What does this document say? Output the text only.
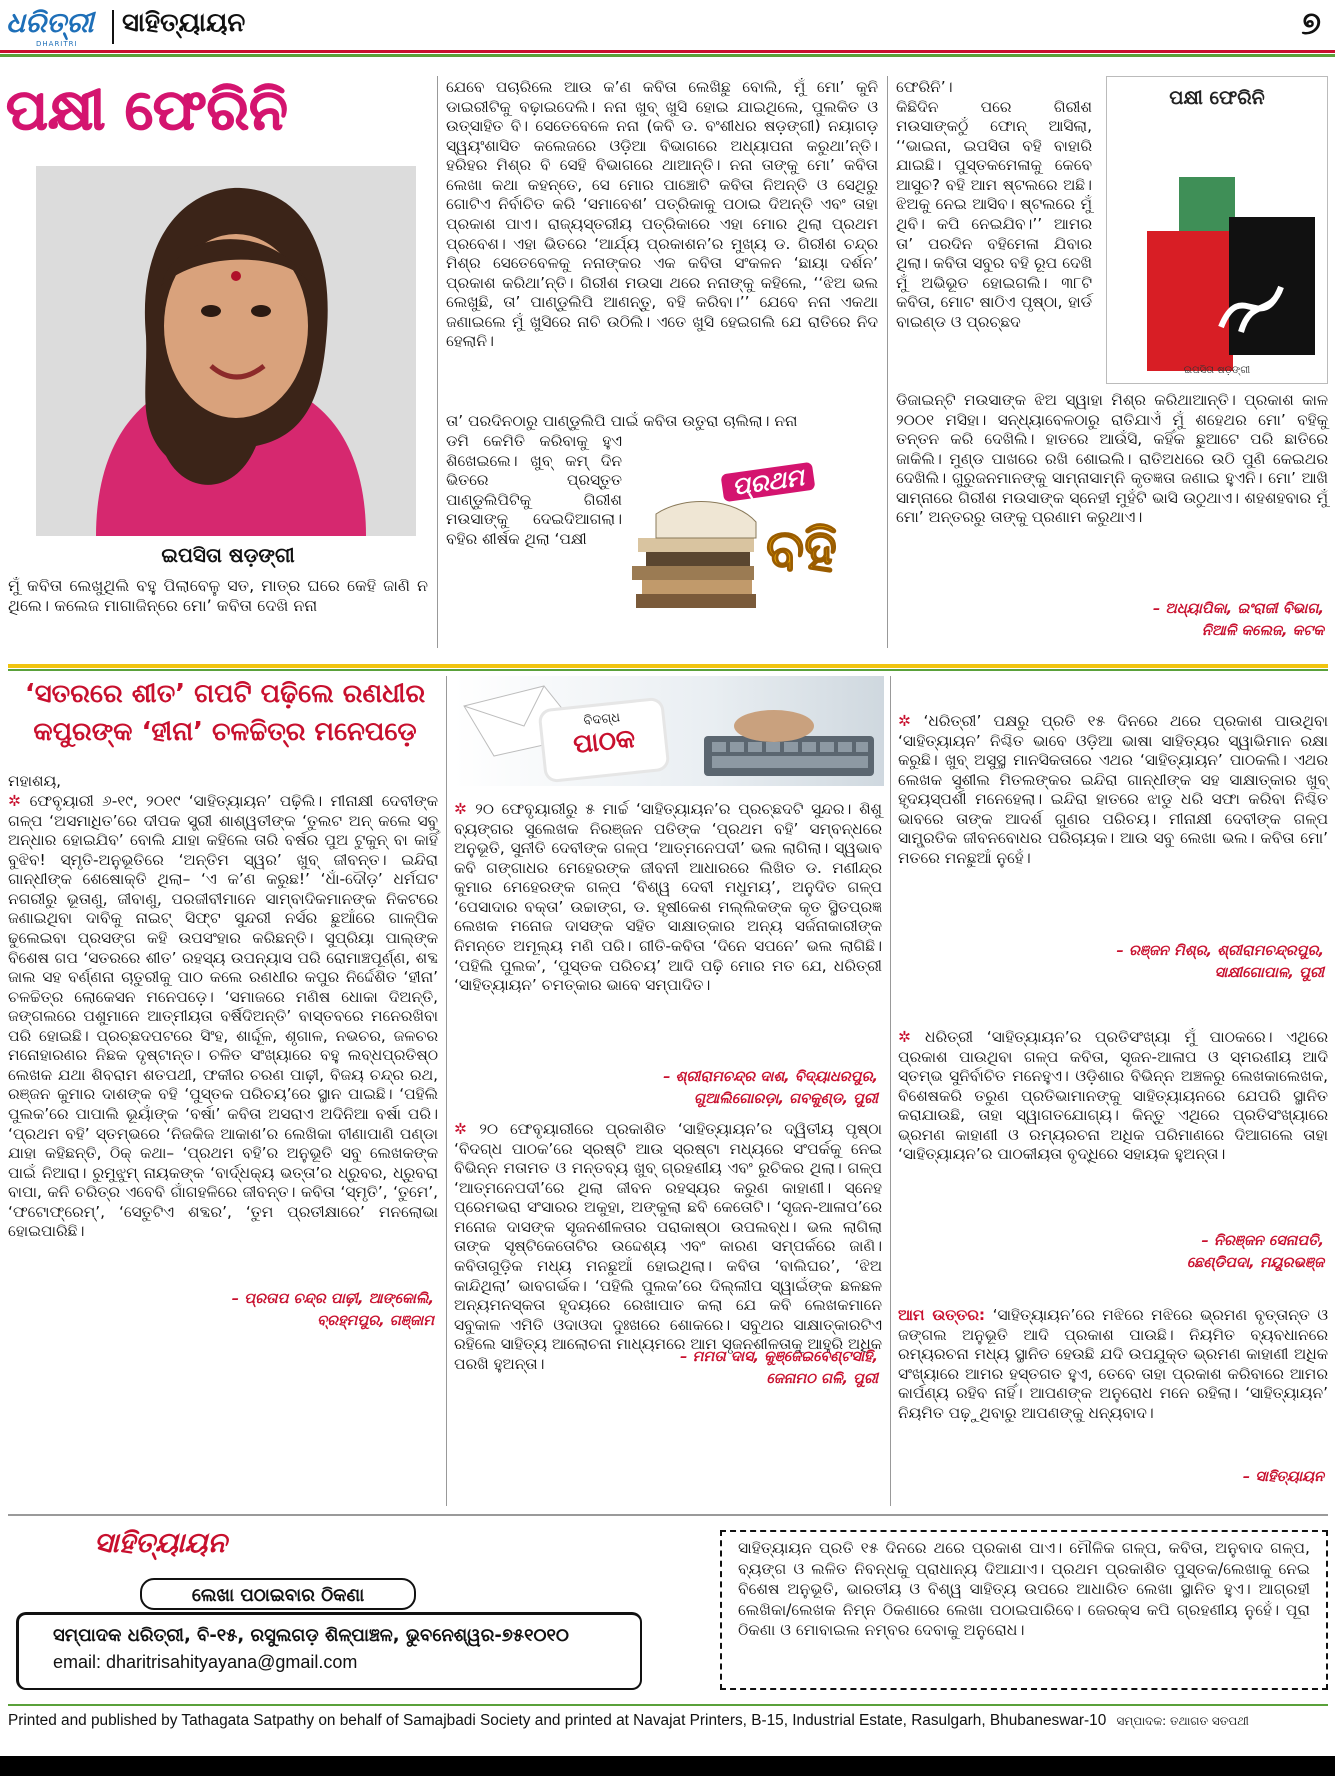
ଧରିତ୍ରୀ
DHARITRI
ସାହିତ୍ୟାୟନ	୭
ପକ୍ଷୀ ଫେରିନି
ଇପସିତା ଷଡ଼ଙ୍ଗୀ
ମୁଁ କବିତା ଲେଖୁଥିଲି ବହୁ ପିଲାବେଳୁ ସତ, ମାତ୍ର ଘରେ କେହି ଜାଣି ନ ଥିଲେ। କଲେଜ ମାଗାଜିନ୍‌ରେ ମୋ’ କବିତା ଦେଖି ନନା
ଯେବେ ପଚାରିଲେ ଆଉ କ’ଣ କବିତା ଲେଖିଛୁ ବୋଲି, ମୁଁ ମୋ’ କୁନି ଡାଇରୀଟିକୁ ବଢ଼ାଇଦେଲି। ନନା ଖୁବ୍ ଖୁସି ହୋଇ ଯାଇଥିଲେ, ପୁଲକିତ ଓ ଉତ୍ସାହିତ ବି। ସେତେବେଳେ ନନା (କବି ଡ. ବଂଶୀଧର ଷଡ଼ଙ୍ଗୀ) ନୟାଗଡ଼ ସ୍ୱୟଂଶାସିତ କଲେଜରେ ଓଡ଼ିଆ ବିଭାଗରେ ଅଧ୍ୟାପନା କରୁଥା’ନ୍ତି। ହରିହର ମିଶ୍ର ବି ସେହି ବିଭାଗରେ ଥାଆନ୍ତି। ନନା ତାଙ୍କୁ ମୋ’ କବିତା ଲେଖା କଥା କହନ୍ତେ, ସେ ମୋର ପାଞ୍ଚୋଟି କବିତା ନିଅନ୍ତି ଓ ସେଥିରୁ ଗୋଟିଏ ନିର୍ବାଚିତ କରି ‘ସମାବେଶ’ ପତ୍ରିକାକୁ ପଠାଇ ଦିଅନ୍ତି ଏବଂ ତାହା ପ୍ରକାଶ ପାଏ। ରାଜ୍ୟସ୍ତରୀୟ ପତ୍ରିକାରେ ଏହା ମୋର ଥିଲା ପ୍ରଥମ ପ୍ରବେଶ। ଏହା ଭିତରେ ‘ଆର୍ଯ୍ୟ ପ୍ରକାଶନ’ର ମୁଖ୍ୟ ଡ. ଗିରୀଶ ଚନ୍ଦ୍ର ମିଶ୍ର ସେତେବେଳକୁ ନନାଙ୍କର ଏକ କବିତା ସଂକଳନ ‘ଛାୟା ଦର୍ଶନ’ ପ୍ରକାଶ କରିଥା’ନ୍ତି। ଗିରୀଶ ମଉସା ଥରେ ନନାଙ୍କୁ କହିଲେ, ‘‘ଝିଅ ଭଲ ଲେଖୁଛି, ତା’ ପାଣ୍ଡୁଲିପି ଆଣନ୍ତୁ, ବହି କରିବା।’’ ଯେବେ ନନା ଏକଥା ଜଣାଇଲେ ମୁଁ ଖୁସିରେ ନାଚି ଉଠିଲି। ଏତେ ଖୁସି ହେଇଗଲି ଯେ ରାତିରେ ନିଦ ହେଲାନି।
ତା’ ପରଦିନଠାରୁ ପାଣ୍ଡୁଲିପି ପାଇଁ କବିତା ଉତୁରା ଚାଲିଲା। ନନା
ଡମି କେମିତି କରିବାକୁ ହୁଏ ଶିଖେଇଲେ। ଖୁବ୍ କମ୍ ଦିନ ଭିତରେ ପ୍ରସ୍ତୁତ ପାଣ୍ଡୁଲିପିଟିକୁ ଗିରୀଶ ମଉସାଙ୍କୁ ଦେଇଦିଆଗଲା। ବହିର ଶୀର୍ଷକ ଥିଲା ‘ପକ୍ଷୀ
ପ୍ରଥମ
ବହି
ଫେରିନି’।
କିଛିଦିନ ପରେ ଗିରୀଶ ମଉସାଙ୍କଠୁଁ ଫୋନ୍ ଆସିଲା, ‘‘ଭାଇନା, ଇପସିତା ବହି ବାହାରି ଯାଇଛି। ପୁସ୍ତକମେଳାକୁ କେବେ ଆସୁଚ? ବହି ଆମ ଷ୍ଟଲରେ ଅଛି। ଝିଅକୁ ନେଇ ଆସିବ। ଷ୍ଟଲରେ ମୁଁ ଥିବି। କପି ନେଇଯିବ।’’ ଆମର ତା’ ପରଦିନ ବହିମେଳା ଯିବାର ଥିଲା। କବିତା ସବୁର ବହି ରୂପ ଦେଖି ମୁଁ ଅଭିଭୂତ ହୋଇଗଲି। ୩୮ଟି କବିତା, ମୋଟ ଷାଠିଏ ପୃଷ୍ଠା, ହାର୍ଡ ବାଇଣ୍ଡ ଓ ପ୍ରଚ୍ଛଦ
ପକ୍ଷୀ ଫେରିନି
ଇପସିତା ଷଡ଼ଙ୍ଗୀ
ଡିଜାଇନ୍‌ଟି ମଉସାଙ୍କ ଝିଅ ସ୍ୱାହା ମିଶ୍ର କରିଥାଆନ୍ତି। ପ୍ରକାଶ କାଳ ୨୦୦୧ ମସିହା। ସନ୍ଧ୍ୟାବେଳଠାରୁ ରାତିଯାଏଁ ମୁଁ ଶହେଥର ମୋ’ ବହିକୁ ତନ୍ତନ କରି ଦେଖିଲି। ହାତରେ ଆଉଁସି, କହିଁକ ଛୁଆଟେ ପରି ଛାତିରେ ଜାକିଲି। ମୁଣ୍ଡ ପାଖରେ ରଖି ଶୋଇଲି। ରାତିଅଧରେ ଉଠି ପୁଣି କେଇଥର ଦେଖିଲି। ଗୁରୁଜନମାନଙ୍କୁ ସାମ୍ନାସାମ୍ନି କୃତଜ୍ଞତା ଜଣାଇ ହୁଏନି। ମୋ’ ଆଖି ସାମ୍ନାରେ ଗିରୀଶ ମଉସାଙ୍କ ସ୍ନେହୀ ମୁହଁଟି ଭାସି ଉଠୁଥାଏ। ଶହଶହବାର ମୁଁ ମୋ’ ଅନ୍ତରରୁ ତାଙ୍କୁ ପ୍ରଣାମ କରୁଥାଏ।
– ଅଧ୍ୟାପିକା, ଇଂରାଜୀ ବିଭାଗ,
ନିଆଳି କଲେଜ, କଟକ
‘ସତରରେ ଶୀତ’ ଗପଟି ପଢ଼ିଲେ ରଣଧୀର
କପୁରଙ୍କ ‘ହୀନା’ ଚଳଚ୍ଚିତ୍ର ମନେପଡ଼େ	ବିଦଗ୍ଧ
ପାଠକ
ମହାଶୟ,
✲ ଫେବୃୟାରୀ ୬-୧୯, ୨୦୧୯ ‘ସାହିତ୍ୟାୟନ’ ପଢ଼ିଲି। ମୀନାକ୍ଷୀ ଦେବୀଙ୍କ ଗଳ୍ପ ‘ଅସମାଧିତ’ରେ ଦୀପକ ସ୍ତ୍ରୀ ଶାଶ୍ୱତୀଙ୍କ ‘ତୁଲଟ ଅନ୍ କଲେ ସବୁ ଅନ୍ଧାର ହୋଇଯିବ’ ବୋଲି ଯାହା କହିଲେ ତାରି ବର୍ଷର ପୁଅ ଟୁକୁନ୍ ବା କାହିଁ ବୁଝିବ! ସ୍ମୃତି-ଅନୁଭୂତିରେ ‘ଅନ୍ତିମ ସ୍ୱର’ ଖୁବ୍ ଜୀବନ୍ତ। ଇନ୍ଦିରା ଗାନ୍ଧୀଙ୍କ ଶେଷୋକ୍ତି ଥିଲା– ‘ଏ କ’ଣ କରୁଛ!’ ‘ଧାଁ-ଦୌଡ଼’ ଧର୍ମଘଟ ନଗରୀରୁ ଭୂତାଣୁ, ଜୀବାଣୁ, ପରଜୀବୀମାନେ ସାମ୍ବାଦିକମାନଙ୍କ ନିକଟରେ ଜଣାଇଥିବା ଦାବିକୁ ନାଇଟ୍ ସିଫ୍‌ଟ ସୁନ୍ଦରୀ ନର୍ସର ଛୁଆଁରେ ଗାଳ୍ପିକ ଢୁଲେଇବା ପ୍ରସଙ୍ଗ କହି ଉପସଂହାର କରିଛନ୍ତି। ସୁପ୍ରିୟା ପାଲ୍‌ଙ୍କ ବିଶେଷ ଗପ ‘ସତରରେ ଶୀତ’ ରହସ୍ୟ ଉପନ୍ୟାସ ପରି ରୋମାଞ୍ଚପୂର୍ଣ୍ଣ, ଶବ୍ଦ ଜାଲ ସହ ବର୍ଣ୍ଣନା ଚାତୁରୀକୁ ପାଠ କଲେ ରଣଧୀର କପୁର ନିର୍ଦ୍ଦେଶିତ ‘ହୀନା’ ଚଳଚ୍ଚିତ୍ର ଲୋକେସନ ମନେପଡ଼େ। ‘ସମାଜରେ ମଣିଷ ଧୋକା ଦିଅନ୍ତି, ଜଙ୍ଗଲରେ ପଶୁମାନେ ଆତ୍ମୀୟତା ବର୍ଷିଦିଅନ୍ତି’ ବାସ୍ତବରେ ମନେରଖିବା ପରି ହୋଇଛି। ପ୍ରଚ୍ଛଦପଟରେ ସିଂହ, ଶାର୍ଦ୍ଦୂଳ, ଶୃଗାଳ, ନଭଚର, ଜଳଚର ମନୋହାରଣର ନିଛକ ଦୃଷ୍ଟାନ୍ତ। ଚଳିତ ସଂଖ୍ୟାରେ ବହୁ ଲବ୍ଧପ୍ରତିଷ୍ଠ ଲେଖକ ଯଥା ଶିବରାମ ଶତପଥୀ, ଫକୀର ଚରଣ ପାଢ଼ୀ, ବିଜୟ ଚନ୍ଦ୍ର ରଥ, ରଞ୍ଜନ କୁମାର ଦାଶଙ୍କ ବହି ‘ପୁସ୍ତକ ପରିଚୟ’ରେ ସ୍ଥାନ ପାଇଛି। ‘ପହିଲି ପୁଲକ’ରେ ପାପାଲି ଭୂୟାଁଙ୍କ ‘ବର୍ଷା’ କବିତା ଅସରାଏ ଅଦିନିଆ ବର୍ଷା ପରି। ‘ପ୍ରଥମ ବହି’ ସ୍ତମ୍ଭରେ ‘ନିଜକିଜ ଆକାଶ’ର ଲେଖିକା ବୀଣାପାଣି ପଣ୍ଡା ଯାହା କହିଛନ୍ତି, ଠିକ୍ କଥା– ‘ପ୍ରଥମ ବହି’ର ଅନୁଭୂତି ସବୁ ଲେଖକଙ୍କ ପାଇଁ ନିଆରା। ରୁମୁଝୁମ୍ ନାୟକଙ୍କ ‘ବାର୍ଦ୍ଧକ୍ୟ ଭତ୍ତା’ର ଧ୍ରୁବର, ଧ୍ରୁବରା ବାପା, କନି ଚରିତ୍ର ଏବେବି ଗାଁଗହଳିରେ ଜୀବନ୍ତ। କବିତା ‘ସ୍ମୃତି’, ‘ତୁମେ’, ‘ଫଟୋଫ୍ରେମ୍’, ‘ସେତୁଟିଏ ଶବ୍ଦର’, ‘ତୁମ ପ୍ରତୀକ୍ଷାରେ’ ମନଲୋଭା ହୋଇପାରିଛି।
– ପ୍ରତାପ ଚନ୍ଦ୍ର ପାଢ଼ୀ, ଆଙ୍କୋଲି,
ବ୍ରହ୍ମପୁର, ଗଞ୍ଜାମ
✲ ୨୦ ଫେବୃୟାରୀରୁ ୫ ମାର୍ଚ୍ଚ ‘ସାହିତ୍ୟାୟନ’ର ପ୍ରଚ୍ଛଦଟି ସୁନ୍ଦର। ଶିଶୁ ବ୍ୟଙ୍ଗର ସୁଲେଖକ ନିରଞ୍ଜନ ପତିଙ୍କ ‘ପ୍ରଥମ ବହି’ ସମ୍ବନ୍ଧରେ ଅନୁଭୂତି, ସୁନୀତି ଦେବୀଙ୍କ ଗଳ୍ପ ‘ଆତ୍ମନେପଦୀ’ ଭଲ ଲାଗିଲା। ସ୍ୱଭାବ କବି ଗଙ୍ଗାଧର ମେହେରଙ୍କ ଜୀବନୀ ଆଧାରରେ ଲିଖିତ ଡ. ମଣୀନ୍ଦ୍ର କୁମାର ମେହେରଙ୍କ ଗଳ୍ପ ‘ବିଶ୍ୱ ଦେବୀ ମଧୁମୟ’, ଅନୁଦିତ ଗଳ୍ପ ‘ପେସାଦାର ବକ୍ତା’ ଉଚ୍ଚାଙ୍ଗ, ଡ. ହୃଷୀକେଶ ମଲ୍ଲିକଙ୍କ କୃତ ସ୍ଥିତପ୍ରଜ୍ଞ ଲେଖକ ମନୋଜ ଦାସଙ୍କ ସହିତ ସାକ୍ଷାତ୍କାର ଅନ୍ୟ ସର୍ଜନାକାରୀଙ୍କ ନିମନ୍ତେ ଅମୂଲ୍ୟ ମଣି ପରି। ଗୀତି-କବିତା ‘ଦିନେ ସପନେ’ ଭଲ ଲାଗିଛି। ‘ପହିଲି ପୁଲକ’, ‘ପୁସ୍ତକ ପରିଚୟ’ ଆଦି ପଢ଼ି ମୋର ମତ ଯେ, ଧରିତ୍ରୀ ‘ସାହିତ୍ୟାୟନ’ ଚମତ୍କାର ଭାବେ ସମ୍ପାଦିତ।
– ଶ୍ରୀରାମଚନ୍ଦ୍ର ଦାଶ, ବିଦ୍ୟାଧରପୁର,
ଗୁଆଲିଗୋରଡ଼ା, ଗବକୁଣ୍ଡ, ପୁରୀ
✲ ୨୦ ଫେବୃୟାରୀରେ ପ୍ରକାଶିତ ‘ସାହିତ୍ୟାୟନ’ର ଦ୍ୱିତୀୟ ପୃଷ୍ଠା ‘ବିଦଗ୍ଧ ପାଠକ’ରେ ସ୍ରଷ୍ଟି ଆଉ ସ୍ରଷ୍ଟା ମଧ୍ୟରେ ସଂପର୍କକୁ ନେଇ ବିଭିନ୍ନ ମତାମତ ଓ ମନ୍ତବ୍ୟ ଖୁବ୍ ଗ୍ରହଣୀୟ ଏବଂ ରୁଚିକର ଥିଲା। ଗଳ୍ପ ‘ଆତ୍ମନେପଦୀ’ରେ ଥିଲା ଜୀବନ ରହସ୍ୟର କରୁଣ କାହାଣୀ। ସ୍ନେହ ପ୍ରେମଭରା ସଂସାରର ଅକୁହା, ଅଙ୍କୁଲା ଛବି କେତୋଟି। ‘ସୃଜନ-ଆଳାପ’ରେ ମନୋଜ ଦାସଙ୍କ ସୃଜନଶୀଳତାର ପରାକାଷ୍ଠା ଉପଲବ୍ଧ। ଭଲ ଲାଗିଲା ତାଙ୍କ ସୃଷ୍ଟିକେତୋଟିର ଉଦ୍ଦେଶ୍ୟ ଏବଂ କାରଣ ସମ୍ପର୍କରେ ଜାଣି। କବିତାଗୁଡ଼ିକ ମଧ୍ୟ ମନଛୁଆଁ ହୋଇଥିଲା। କବିତା ‘ବାଲିଘର’, ‘ଝିଅ କାନ୍ଦିଥିଲା’ ଭାବଗର୍ଭକ। ‘ପହିଲି ପୁଲକ’ରେ ଦିଲ୍ଲୀପ ସ୍ୱାଇଁଙ୍କ ଛଳଛଳ ଅନ୍ୟମନସ୍କତା ହୃଦୟରେ ରେଖାପାତ କଲା ଯେ କବି ଲେଖକମାନେ ସବୁକାଳ ଏମିତି ଓଦାଓଦା ଦୁଃଖରେ ଶୋକରେ। ସବୁଥର ସାକ୍ଷାତ୍କାରଟିଏ ରହିଲେ ସାହିତ୍ୟ ଆଲୋଚନା ମାଧ୍ୟମରେ ଆମ ସୃଜନଶୀଳତାକୁ ଆହୁରି ଅଧିକ ପରଖି ହୁଅନ୍ତା।	– ମମତା ଦାସ, କୁଞ୍ଜେଇବେଣ୍ଟସାହି,
ଜେନାମଠ ଗଳି, ପୁରୀ
✲ ‘ଧରିତ୍ରୀ’ ପକ୍ଷରୁ ପ୍ରତି ୧୫ ଦିନରେ ଥରେ ପ୍ରକାଶ ପାଉଥିବା ‘ସାହିତ୍ୟାୟନ’ ନିଶ୍ଚିତ ଭାବେ ଓଡ଼ିଆ ଭାଷା ସାହିତ୍ୟର ସ୍ୱାଭିମାନ ରକ୍ଷା କରୁଛି। ଖୁବ୍ ଅସୁସ୍ଥ ମାନସିକତାରେ ଏଥର ‘ସାହିତ୍ୟାୟନ’ ପାଠକଲି। ଏଥର ଲେଖକ ସୁଶୀଲ ମିତଲଙ୍କର ଇନ୍ଦିରା ଗାନ୍ଧୀଙ୍କ ସହ ସାକ୍ଷାତ୍କାର ଖୁବ୍ ହୃଦୟସ୍ପର୍ଶୀ ମନେହେଲା। ଇନ୍ଦିରା ହାତରେ ଝାଡୁ ଧରି ସଫା କରିବା ନିଶ୍ଚିତ ଭାବରେ ତାଙ୍କ ଆଦର୍ଶ ଗୁଣର ପରିଚୟ। ମୀନାକ୍ଷୀ ଦେବୀଙ୍କ ଗଳ୍ପ ସାମ୍ପ୍ରତିକ ଜୀବନବୋଧର ପରିଚାୟକ। ଆଉ ସବୁ ଲେଖା ଭଲ। କବିତା ମୋ’ ମତରେ ମନଛୁଆଁ ନୁହେଁ।
– ରଞ୍ଜନ ମିଶ୍ର, ଶ୍ରୀରାମଚନ୍ଦ୍ରପୁର,
ସାକ୍ଷୀଗୋପାଳ, ପୁରୀ
✲ ଧରିତ୍ରୀ ‘ସାହିତ୍ୟାୟନ’ର ପ୍ରତିସଂଖ୍ୟା ମୁଁ ପାଠକରେ। ଏଥିରେ ପ୍ରକାଶ ପାଉଥିବା ଗଳ୍ପ କବିତା, ସୃଜନ-ଆଳାପ ଓ ସ୍ମରଣୀୟ ଆଦି ସ୍ତମ୍ଭ ସୁନିର୍ବାଚିତ ମନେହୁଏ। ଓଡ଼ିଶାର ବିଭିନ୍ନ ଅଞ୍ଚଳରୁ ଲେଖକାଲେଖକ, ବିଶେଷକରି ତରୁଣ ପ୍ରତିଭାମାନଙ୍କୁ ସାହିତ୍ୟାୟନରେ ଯେପରି ସ୍ଥାନିତ କରାଯାଉଛି, ତାହା ସ୍ୱାଗତଯୋଗ୍ୟ। କିନ୍ତୁ ଏଥିରେ ପ୍ରତିସଂଖ୍ୟାରେ ଭ୍ରମଣ କାହାଣୀ ଓ ରମ୍ୟରଚନା ଅଧିକ ପରିମାଣରେ ଦିଆଗଲେ ତାହା ‘ସାହିତ୍ୟାୟନ’ର ପାଠକୀୟତା ବୃଦ୍ଧିରେ ସହାୟକ ହୁଅନ୍ତା।
– ନିରଞ୍ଜନ ସେନାପତି,
ଛେଣ୍ଡିପଦା, ମୟୂରଭଞ୍ଜ
ଆମ ଉତ୍ତର: ‘ସାହିତ୍ୟାୟନ’ରେ ମଝିରେ ମଝିରେ ଭ୍ରମଣ ବୃତ୍ତାନ୍ତ ଓ ଜଙ୍ଗଲ ଅନୁଭୂତି ଆଦି ପ୍ରକାଶ ପାଉଛି। ନିୟମିତ ବ୍ୟବଧାନରେ ରମ୍ୟରଚନା ମଧ୍ୟ ସ୍ଥାନିତ ହେଉଛି ଯଦି ଉପଯୁକ୍ତ ଭ୍ରମଣ କାହାଣୀ ଅଧିକ ସଂଖ୍ୟାରେ ଆମର ହସ୍ତଗତ ହୁଏ, ତେବେ ତାହା ପ୍ରକାଶ କରିବାରେ ଆମର କାର୍ପଣ୍ୟ ରହିବ ନାହିଁ। ଆପଣଙ୍କ ଅନୁରୋଧ ମନେ ରହିଲା। ‘ସାହିତ୍ୟାୟନ’ ନିୟମିତ ପଢ଼ୁଥିବାରୁ ଆପଣଙ୍କୁ ଧନ୍ୟବାଦ।
– ସାହିତ୍ୟାୟନ
ସାହିତ୍ୟାୟନ
ଲେଖା ପଠାଇବାର ଠିକଣା
ସମ୍ପାଦକ ଧରିତ୍ରୀ, ବି-୧୫, ରସୁଲଗଡ଼ ଶିଳ୍ପାଞ୍ଚଳ, ଭୁବନେଶ୍ୱର-୭୫୧୦୧୦
email: dharitrisahityayana@gmail.com
ସାହିତ୍ୟାୟନ ପ୍ରତି ୧୫ ଦିନରେ ଥରେ ପ୍ରକାଶ ପାଏ। ମୌଳିକ ଗଳ୍ପ, କବିତା, ଅନୁବାଦ ଗଳ୍ପ, ବ୍ୟଙ୍ଗ ଓ ଲଳିତ ନିବନ୍ଧକୁ ପ୍ରାଧାନ୍ୟ ଦିଆଯାଏ। ପ୍ରଥମ ପ୍ରକାଶିତ ପୁସ୍ତକ/ଲେଖାକୁ ନେଇ ବିଶେଷ ଅନୁଭୂତି, ଭାରତୀୟ ଓ ବିଶ୍ୱ ସାହିତ୍ୟ ଉପରେ ଆଧାରିତ ଲେଖା ସ୍ଥାନିତ ହୁଏ। ଆଗ୍ରହୀ ଲେଖିକା/ଲେଖକ ନିମ୍ନ ଠିକଣାରେ ଲେଖା ପଠାଇପାରିବେ। ଜେରକ୍ସ କପି ଗ୍ରହଣୀୟ ନୁହେଁ। ପୂରା ଠିକଣା ଓ ମୋବାଇଲ ନମ୍ବର ଦେବାକୁ ଅନୁରୋଧ।
Printed and published by Tathagata Satpathy on behalf of Samajbadi Society and printed at Navajat Printers, B-15, Industrial Estate, Rasulgarh, Bhubaneswar-10 ସମ୍ପାଦକ: ତଥାଗତ ସତପଥୀ
